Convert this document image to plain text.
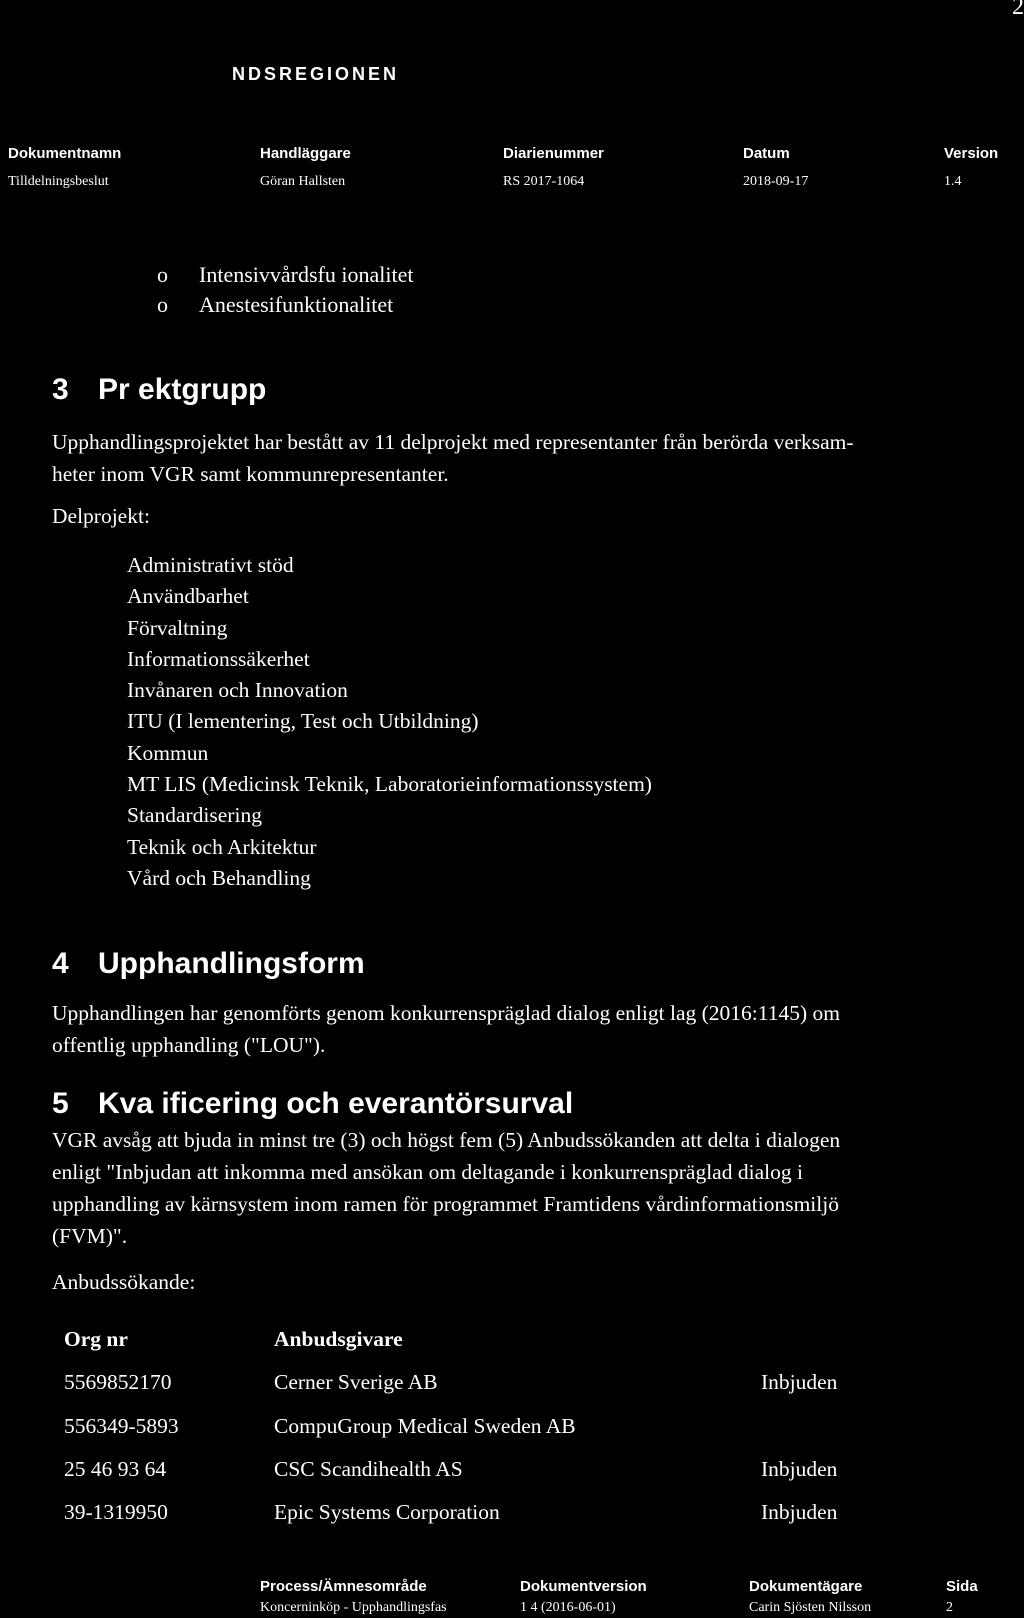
2
NDSREGIONEN
Dokumentnamn	Handläggare	Diarienummer	Datum	Version
Tilldelningsbeslut	Göran Hallsten	RS 2017-1064	2018-09-17	1.4
o Intensivvårdsfu ionalitet
o Anestesifunktionalitet
3 Pr ektgrupp
Upphandlingsprojektet har bestått av 11 delprojekt med representanter från berörda verksam-
heter inom VGR samt kommunrepresentanter.
Delprojekt:
Administrativt stöd
Användbarhet
Förvaltning
Informationssäkerhet
Invånaren och Innovation
ITU (I lementering, Test och Utbildning)
Kommun
MT LIS (Medicinsk Teknik, Laboratorieinformationssystem)
Standardisering
Teknik och Arkitektur
Vård och Behandling
4 Upphandlingsform
Upphandlingen har genomförts genom konkurrenspräglad dialog enligt lag (2016:1145) om
offentlig upphandling ("LOU").
5 Kva ificering och everantörsurval
VGR avsåg att bjuda in minst tre (3) och högst fem (5) Anbudssökanden att delta i dialogen
enligt "Inbjudan att inkomma med ansökan om deltagande i konkurrenspräglad dialog i
upphandling av kärnsystem inom ramen för programmet Framtidens vårdinformationsmiljö
(FVM)".
Anbudssökande:
Org nr	Anbudsgivare	
5569852170	Cerner Sverige AB	Inbjuden
556349-5893	CompuGroup Medical Sweden AB	
25 46 93 64	CSC Scandihealth AS	Inbjuden
39-1319950	Epic Systems Corporation	Inbjuden
Process/Ämnesområde	Dokumentversion	Dokumentägare	Sida
Koncerninköp - Upphandlingsfas	1 4 (2016-06-01)	Carin Sjösten Nilsson	2
